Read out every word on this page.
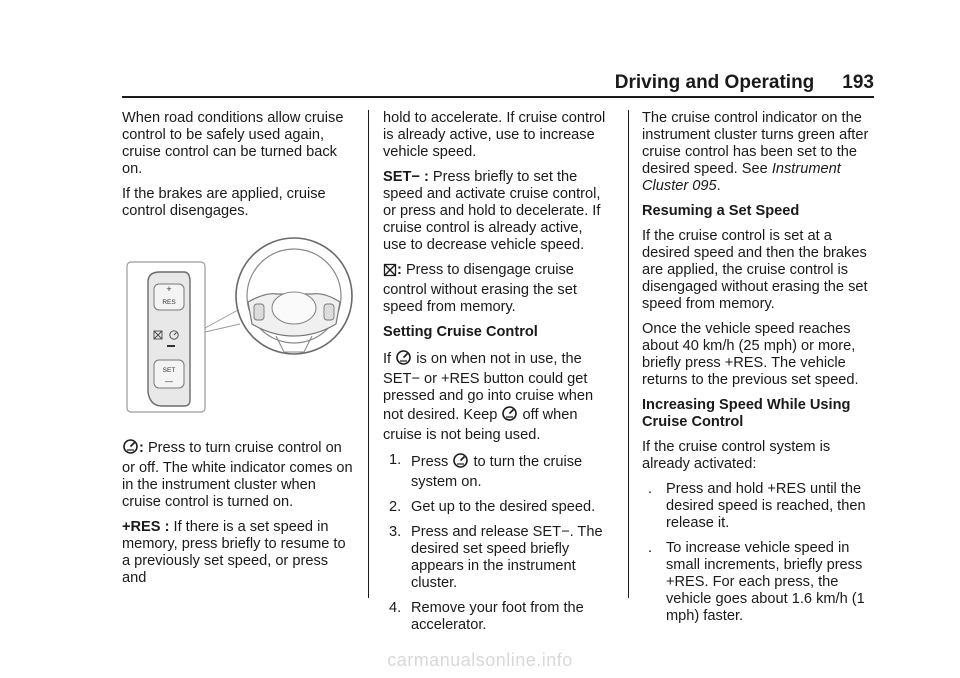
Driving and Operating 193

When road conditions allow cruise control to be safely used again, cruise control can be turned back on.

If the brakes are applied, cruise control disengages.

+
RES
SET
—

: Press to turn cruise control on or off. The white indicator comes on in the instrument cluster when cruise control is turned on.

+RES : If there is a set speed in memory, press briefly to resume to a previously set speed, or press and

hold to accelerate. If cruise control is already active, use to increase vehicle speed.

SET− : Press briefly to set the speed and activate cruise control, or press and hold to decelerate. If cruise control is already active, use to decrease vehicle speed.

: Press to disengage cruise control without erasing the set speed from memory.

Setting Cruise Control

If is on when not in use, the SET− or +RES button could get pressed and go into cruise when not desired. Keep off when cruise is not being used.

1. Press to turn the cruise system on.
2. Get up to the desired speed.
3. Press and release SET−. The desired set speed briefly appears in the instrument cluster.
4. Remove your foot from the accelerator.

The cruise control indicator on the instrument cluster turns green after cruise control has been set to the desired speed. See Instrument Cluster 095.

Resuming a Set Speed

If the cruise control is set at a desired speed and then the brakes are applied, the cruise control is disengaged without erasing the set speed from memory.

Once the vehicle speed reaches about 40 km/h (25 mph) or more, briefly press +RES. The vehicle returns to the previous set speed.

Increasing Speed While Using Cruise Control

If the cruise control system is already activated:

. Press and hold +RES until the desired speed is reached, then release it.
. To increase vehicle speed in small increments, briefly press +RES. For each press, the vehicle goes about 1.6 km/h (1 mph) faster.
carmanualsonline.info
